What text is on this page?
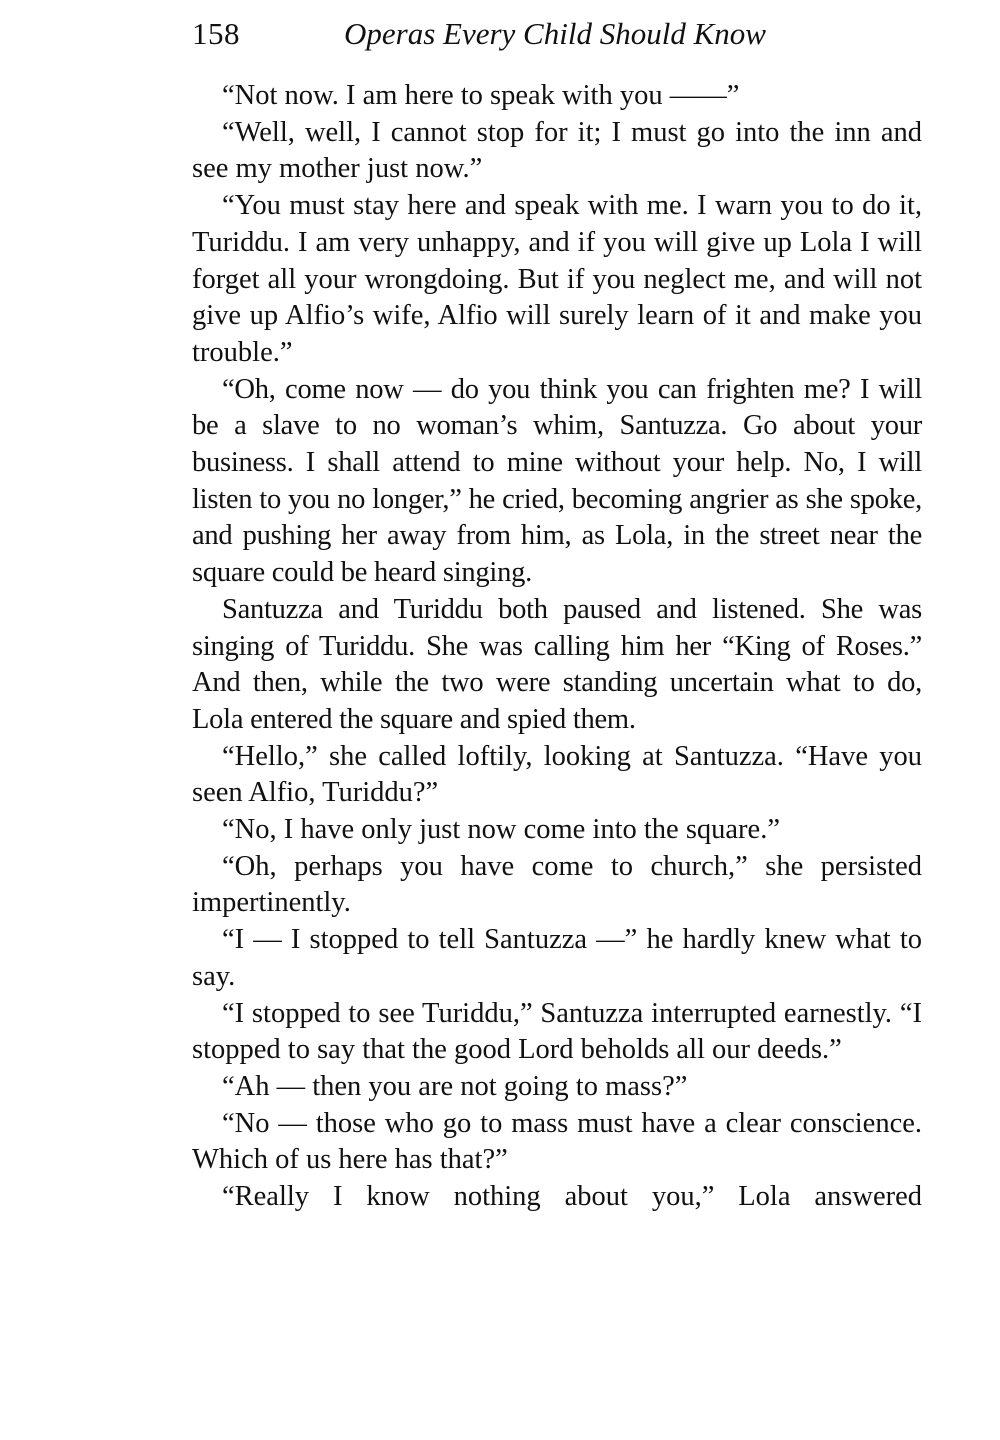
158	Operas Every Child Should Know

“Not now. I am here to speak with you ——”

“Well, well, I cannot stop for it; I must go into the inn and see my mother just now.”

“You must stay here and speak with me. I warn you to do it, Turiddu. I am very unhappy, and if you will give up Lola I will forget all your wrongdoing. But if you neglect me, and will not give up Alfio’s wife, Alfio will surely learn of it and make you trouble.”

“Oh, come now — do you think you can frighten me? I will be a slave to no woman’s whim, Santuzza. Go about your business. I shall attend to mine without your help. No, I will listen to you no longer,” he cried, becoming angrier as she spoke, and pushing her away from him, as Lola, in the street near the square could be heard singing.

Santuzza and Turiddu both paused and listened. She was singing of Turiddu. She was calling him her “King of Roses.” And then, while the two were standing uncertain what to do, Lola entered the square and spied them.

“Hello,” she called loftily, looking at Santuzza. “Have you seen Alfio, Turiddu?”

“No, I have only just now come into the square.”

“Oh, perhaps you have come to church,” she persisted impertinently.

“I — I stopped to tell Santuzza —” he hardly knew what to say.

“I stopped to see Turiddu,” Santuzza interrupted earnestly. “I stopped to say that the good Lord beholds all our deeds.”

“Ah — then you are not going to mass?”

“No — those who go to mass must have a clear conscience. Which of us here has that?”

“Really I know nothing about you,” Lola answered
